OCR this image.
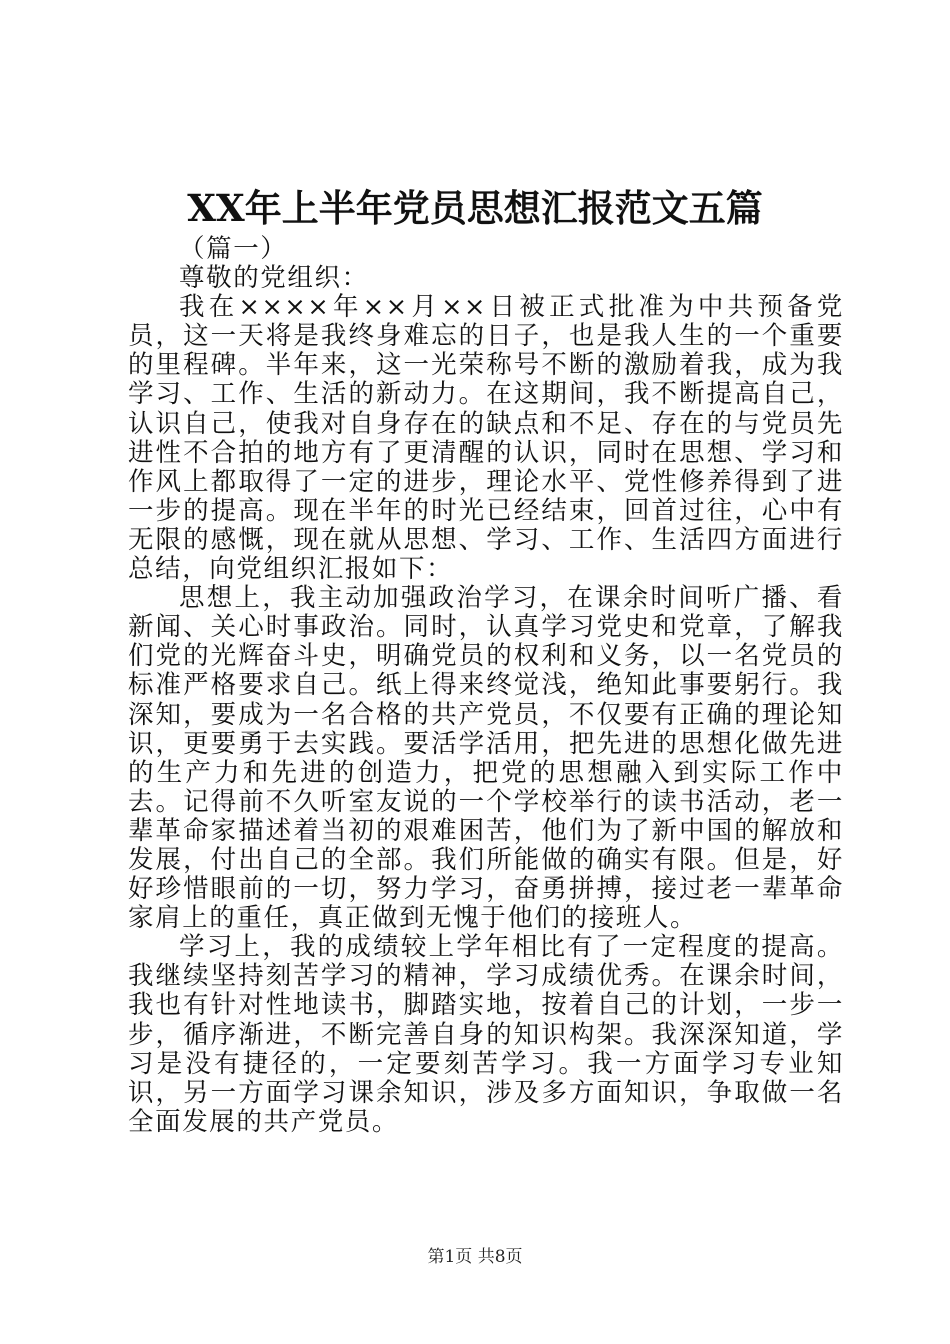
XX年上半年党员思想汇报范文五篇

（篇一）

尊敬的党组织：

我在××××年××月××日被正式批准为中共预备党员，这一天将是我终身难忘的日子，也是我人生的一个重要的里程碑。半年来，这一光荣称号不断的激励着我，成为我学习、工作、生活的新动力。在这期间，我不断提高自己，认识自己，使我对自身存在的缺点和不足、存在的与党员先进性不合拍的地方有了更清醒的认识，同时在思想、学习和作风上都取得了一定的进步，理论水平、党性修养得到了进一步的提高。现在半年的时光已经结束，回首过往，心中有无限的感慨，现在就从思想、学习、工作、生活四方面进行总结，向党组织汇报如下：

思想上，我主动加强政治学习，在课余时间听广播、看新闻、关心时事政治。同时，认真学习党史和党章，了解我们党的光辉奋斗史，明确党员的权利和义务，以一名党员的标准严格要求自己。纸上得来终觉浅，绝知此事要躬行。我深知，要成为一名合格的共产党员，不仅要有正确的理论知识，更要勇于去实践。要活学活用，把先进的思想化做先进的生产力和先进的创造力，把党的思想融入到实际工作中去。记得前不久听室友说的一个学校举行的读书活动，老一辈革命家描述着当初的艰难困苦，他们为了新中国的解放和发展，付出自己的全部。我们所能做的确实有限。但是，好好珍惜眼前的一切，努力学习，奋勇拼搏，接过老一辈革命家肩上的重任，真正做到无愧于他们的接班人。

学习上，我的成绩较上学年相比有了一定程度的提高。我继续坚持刻苦学习的精神，学习成绩优秀。在课余时间，我也有针对性地读书，脚踏实地，按着自己的计划，一步一步，循序渐进，不断完善自身的知识构架。我深深知道，学习是没有捷径的，一定要刻苦学习。我一方面学习专业知识，另一方面学习课余知识，涉及多方面知识，争取做一名全面发展的共产党员。

第1页 共8页
